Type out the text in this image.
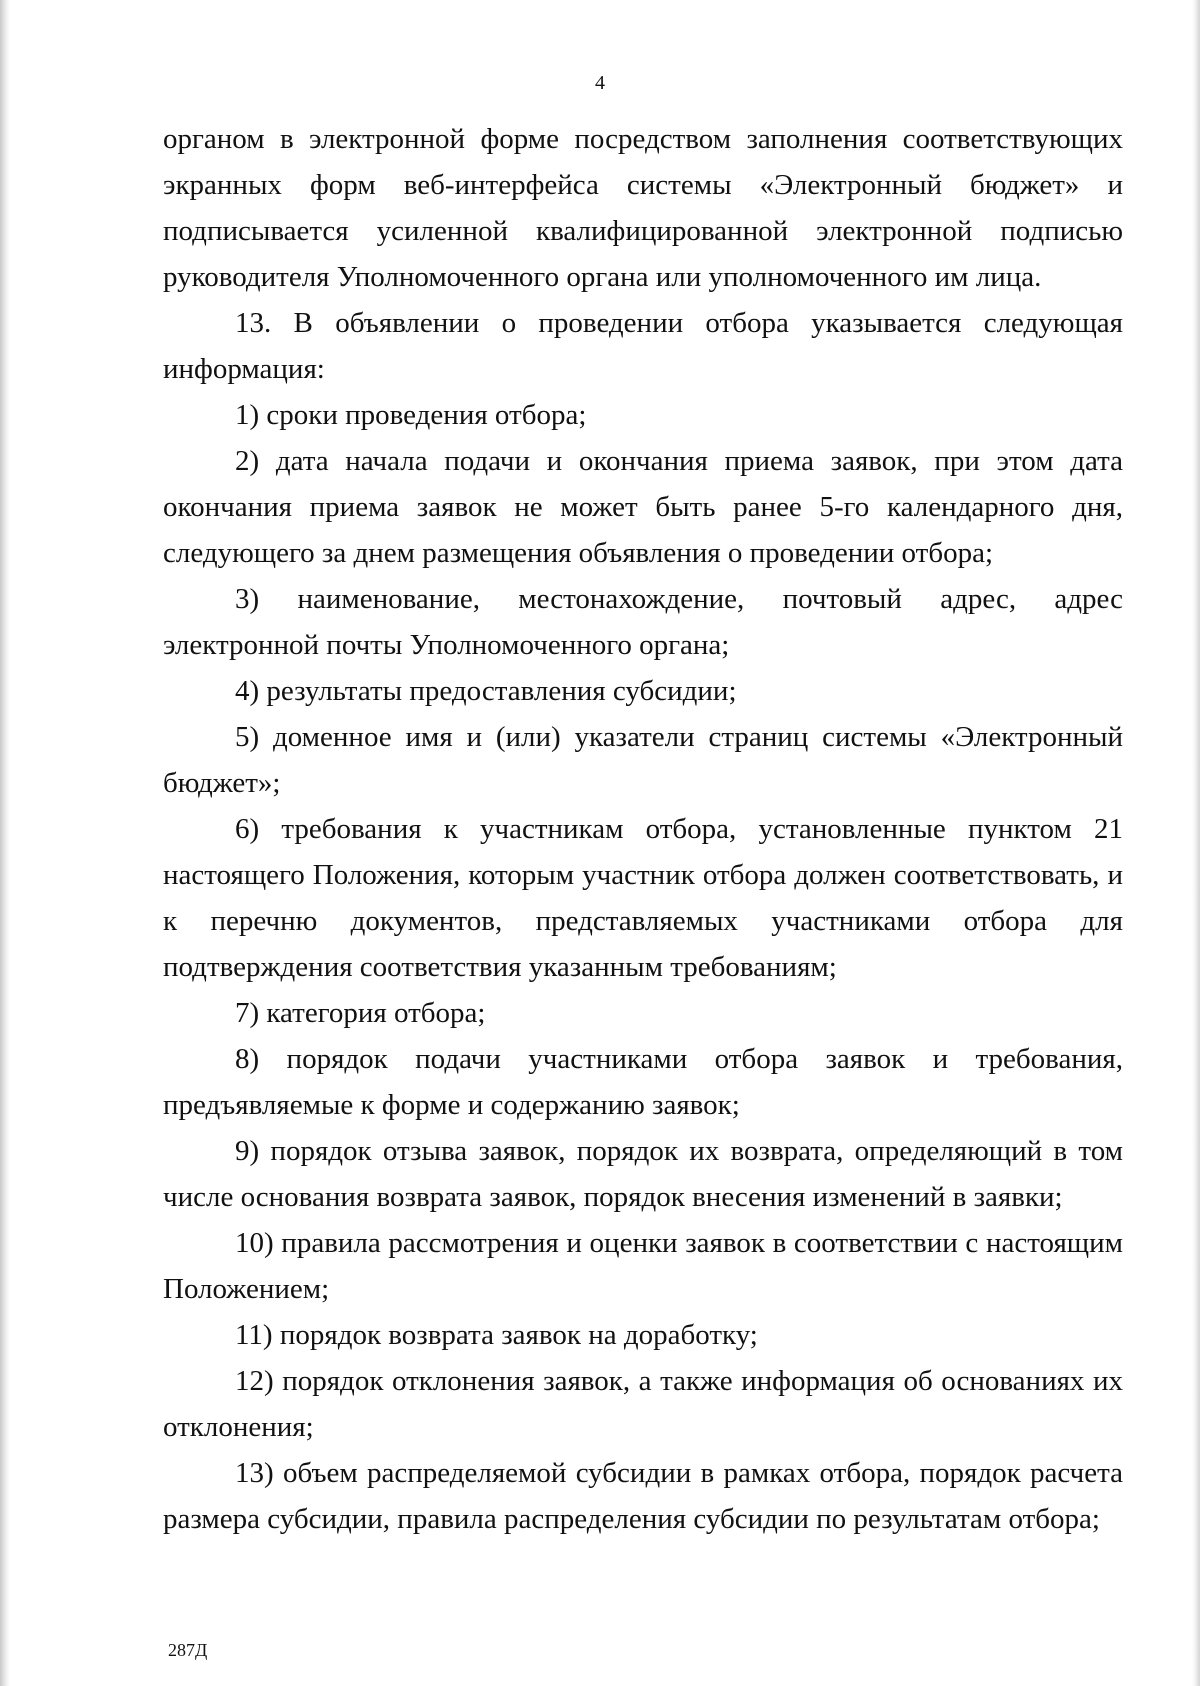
4

органом в электронной форме посредством заполнения соответствующих экранных форм веб-интерфейса системы «Электронный бюджет» и подписывается усиленной квалифицированной электронной подписью руководителя Уполномоченного органа или уполномоченного им лица.

13. В объявлении о проведении отбора указывается следующая информация:

1) сроки проведения отбора;

2) дата начала подачи и окончания приема заявок, при этом дата окончания приема заявок не может быть ранее 5-го календарного дня, следующего за днем размещения объявления о проведении отбора;

3) наименование, местонахождение, почтовый адрес, адрес электронной почты Уполномоченного органа;

4) результаты предоставления субсидии;

5) доменное имя и (или) указатели страниц системы «Электронный бюджет»;

6) требования к участникам отбора, установленные пунктом 21 настоящего Положения, которым участник отбора должен соответствовать, и к перечню документов, представляемых участниками отбора для подтверждения соответствия указанным требованиям;

7) категория отбора;

8) порядок подачи участниками отбора заявок и требования, предъявляемые к форме и содержанию заявок;

9) порядок отзыва заявок, порядок их возврата, определяющий в том числе основания возврата заявок, порядок внесения изменений в заявки;

10) правила рассмотрения и оценки заявок в соответствии с настоящим Положением;

11) порядок возврата заявок на доработку;

12) порядок отклонения заявок, а также информация об основаниях их отклонения;

13) объем распределяемой субсидии в рамках отбора, порядок расчета размера субсидии, правила распределения субсидии по результатам отбора;

287Д
